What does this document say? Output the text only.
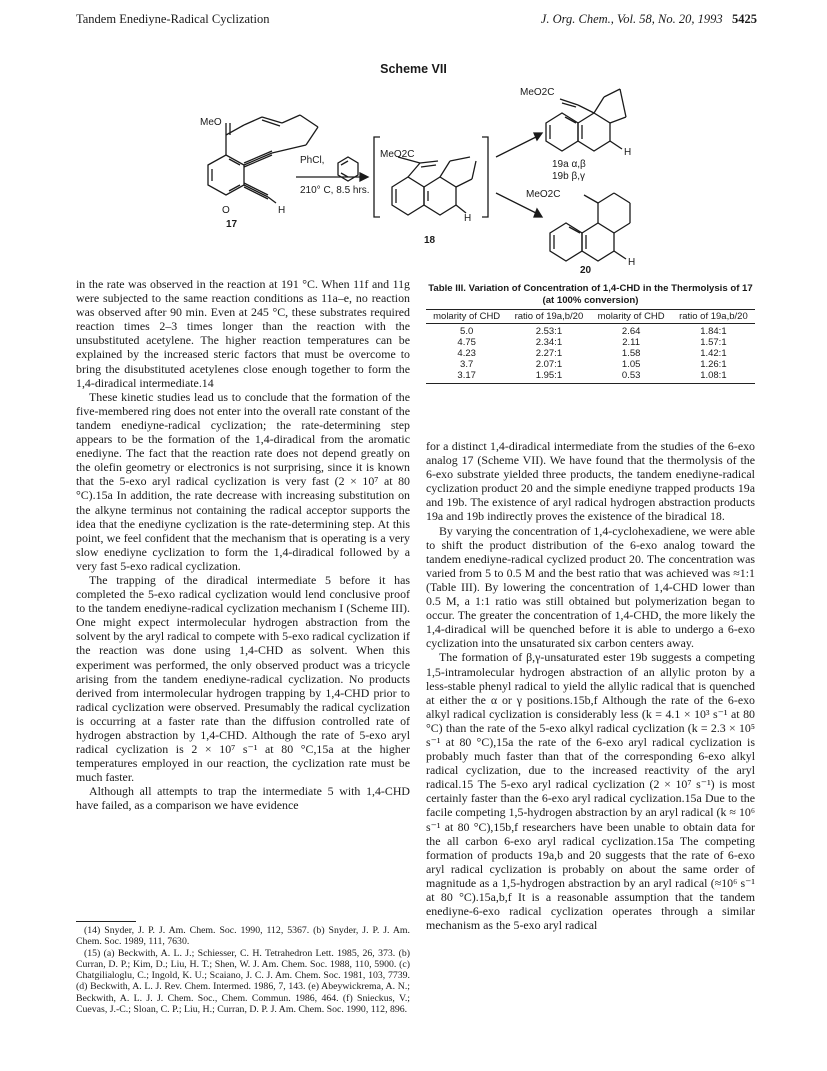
Tandem Enediyne-Radical Cyclization	J. Org. Chem., Vol. 58, No. 20, 1993 5425
Scheme VII
MeO
O	H
PhCl,
210° C, 8.5 hrs.
MeO2C
H
MeO2C
H
19a α,β
19b β,γ
MeO2C
H
17
18
20

in the rate was observed in the reaction at 191 °C. When 11f and 11g were subjected to the same reaction conditions as 11a–e, no reaction was observed after 90 min. Even at 245 °C, these substrates required reaction times 2–3 times longer than the reaction with the unsubstituted acetylene. The higher reaction temperatures can be explained by the increased steric factors that must be overcome to bring the disubstituted acetylenes close enough together to form the 1,4-diradical intermediate.14

These kinetic studies lead us to conclude that the formation of the five-membered ring does not enter into the overall rate constant of the tandem enediyne-radical cyclization; the rate-determining step appears to be the formation of the 1,4-diradical from the aromatic enediyne. The fact that the reaction rate does not depend greatly on the olefin geometry or electronics is not surprising, since it is known that the 5-exo aryl radical cyclization is very fast (2 × 10⁷ at 80 °C).15a In addition, the rate decrease with increasing substitution on the alkyne terminus not containing the radical acceptor supports the idea that the enediyne cyclization is the rate-determining step. At this point, we feel confident that the mechanism that is operating is a very slow enediyne cyclization to form the 1,4-diradical followed by a very fast 5-exo radical cyclization.

The trapping of the diradical intermediate 5 before it has completed the 5-exo radical cyclization would lend conclusive proof to the tandem enediyne-radical cyclization mechanism I (Scheme III). One might expect intermolecular hydrogen abstraction from the solvent by the aryl radical to compete with 5-exo radical cyclization if the reaction was done using 1,4-CHD as solvent. When this experiment was performed, the only observed product was a tricycle arising from the tandem enediyne-radical cyclization. No products derived from intermolecular hydrogen trapping by 1,4-CHD prior to radical cyclization were observed. Presumably the radical cyclization is occurring at a faster rate than the diffusion controlled rate of hydrogen abstraction by 1,4-CHD. Although the rate of 5-exo aryl radical cyclization is 2 × 10⁷ s⁻¹ at 80 °C,15a at the higher temperatures employed in our reaction, the cyclization rate must be much faster.

Although all attempts to trap the intermediate 5 with 1,4-CHD have failed, as a comparison we have evidence

Table III. Variation of Concentration of 1,4-CHD in the Thermolysis of 17 (at 100% conversion)
molarity of CHD	ratio of 19a,b/20	molarity of CHD	ratio of 19a,b/20
5.0	2.53:1	2.64	1.84:1
4.75	2.34:1	2.11	1.57:1
4.23	2.27:1	1.58	1.42:1
3.7	2.07:1	1.05	1.26:1
3.17	1.95:1	0.53	1.08:1

for a distinct 1,4-diradical intermediate from the studies of the 6-exo analog 17 (Scheme VII). We have found that the thermolysis of the 6-exo substrate yielded three products, the tandem enediyne-radical cyclization product 20 and the simple enediyne trapped products 19a and 19b. The existence of aryl radical hydrogen abstraction products 19a and 19b indirectly proves the existence of the biradical 18.

By varying the concentration of 1,4-cyclohexadiene, we were able to shift the product distribution of the 6-exo analog toward the tandem enediyne-radical cyclized product 20. The concentration was varied from 5 to 0.5 M and the best ratio that was achieved was ≈1:1 (Table III). By lowering the concentration of 1,4-CHD lower than 0.5 M, a 1:1 ratio was still obtained but polymerization began to occur. The greater the concentration of 1,4-CHD, the more likely the 1,4-diradical will be quenched before it is able to undergo a 6-exo cyclization into the unsaturated six carbon centers away.

The formation of β,γ-unsaturated ester 19b suggests a competing 1,5-intramolecular hydrogen abstraction of an allylic proton by a less-stable phenyl radical to yield the allylic radical that is quenched at either the α or γ positions.15b,f Although the rate of the 6-exo alkyl radical cyclization is considerably less (k = 4.1 × 10³ s⁻¹ at 80 °C) than the rate of the 5-exo alkyl radical cyclization (k = 2.3 × 10⁵ s⁻¹ at 80 °C),15a the rate of the 6-exo aryl radical cyclization is probably much faster than that of the corresponding 6-exo alkyl radical cyclization, due to the increased reactivity of the aryl radical.15 The 5-exo aryl radical cyclization (2 × 10⁷ s⁻¹) is most certainly faster than the 6-exo aryl radical cyclization.15a Due to the facile competing 1,5-hydrogen abstraction by an aryl radical (k ≈ 10⁶ s⁻¹ at 80 °C),15b,f researchers have been unable to obtain data for the all carbon 6-exo aryl radical cyclization.15a The competing formation of products 19a,b and 20 suggests that the rate of 6-exo aryl radical cyclization is probably on about the same order of magnitude as a 1,5-hydrogen abstraction by an aryl radical (≈10⁶ s⁻¹ at 80 °C).15a,b,f It is a reasonable assumption that the tandem enediyne-6-exo radical cyclization operates through a similar mechanism as the 5-exo aryl radical

(14) Snyder, J. P. J. Am. Chem. Soc. 1990, 112, 5367. (b) Snyder, J. P. J. Am. Chem. Soc. 1989, 111, 7630.

(15) (a) Beckwith, A. L. J.; Schiesser, C. H. Tetrahedron Lett. 1985, 26, 373. (b) Curran, D. P.; Kim, D.; Liu, H. T.; Shen, W. J. Am. Chem. Soc. 1988, 110, 5900. (c) Chatgilialoglu, C.; Ingold, K. U.; Scaiano, J. C. J. Am. Chem. Soc. 1981, 103, 7739. (d) Beckwith, A. L. J. Rev. Chem. Intermed. 1986, 7, 143. (e) Abeywickrema, A. N.; Beckwith, A. L. J. J. Chem. Soc., Chem. Commun. 1986, 464. (f) Snieckus, V.; Cuevas, J.-C.; Sloan, C. P.; Liu, H.; Curran, D. P. J. Am. Chem. Soc. 1990, 112, 896.
